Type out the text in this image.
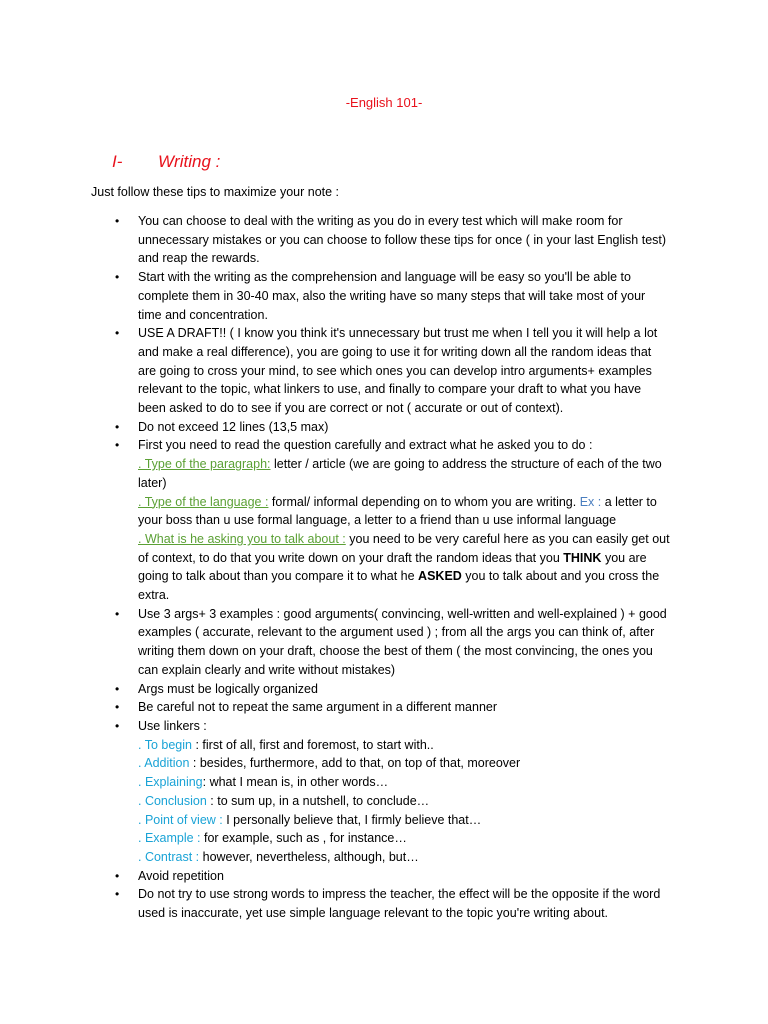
-English 101-
I- Writing :
Just follow these tips to maximize your note :
• You can choose to deal with the writing as you do in every test which will make room for
unnecessary mistakes or you can choose to follow these tips for once ( in your last English test)
and reap the rewards.
• Start with the writing as the comprehension and language will be easy so you'll be able to
complete them in 30-40 max, also the writing have so many steps that will take most of your
time and concentration.
• USE A DRAFT!! ( I know you think it's unnecessary but trust me when I tell you it will help a lot
and make a real difference), you are going to use it for writing down all the random ideas that
are going to cross your mind, to see which ones you can develop intro arguments+ examples
relevant to the topic, what linkers to use, and finally to compare your draft to what you have
been asked to do to see if you are correct or not ( accurate or out of context).
• Do not exceed 12 lines (13,5 max)
• First you need to read the question carefully and extract what he asked you to do :
. Type of the paragraph: letter / article (we are going to address the structure of each of the two
later)
. Type of the language : formal/ informal depending on to whom you are writing. Ex : a letter to
your boss than u use formal language, a letter to a friend than u use informal language
. What is he asking you to talk about : you need to be very careful here as you can easily get out
of context, to do that you write down on your draft the random ideas that you THINK you are
going to talk about than you compare it to what he ASKED you to talk about and you cross the
extra.
• Use 3 args+ 3 examples : good arguments( convincing, well-written and well-explained ) + good
examples ( accurate, relevant to the argument used ) ; from all the args you can think of, after
writing them down on your draft, choose the best of them ( the most convincing, the ones you
can explain clearly and write without mistakes)
• Args must be logically organized
• Be careful not to repeat the same argument in a different manner
• Use linkers :
. To begin : first of all, first and foremost, to start with..
. Addition : besides, furthermore, add to that, on top of that, moreover
. Explaining: what I mean is, in other words…
. Conclusion : to sum up, in a nutshell, to conclude…
. Point of view : I personally believe that, I firmly believe that…
. Example : for example, such as , for instance…
. Contrast : however, nevertheless, although, but…
• Avoid repetition
• Do not try to use strong words to impress the teacher, the effect will be the opposite if the word
used is inaccurate, yet use simple language relevant to the topic you're writing about.
